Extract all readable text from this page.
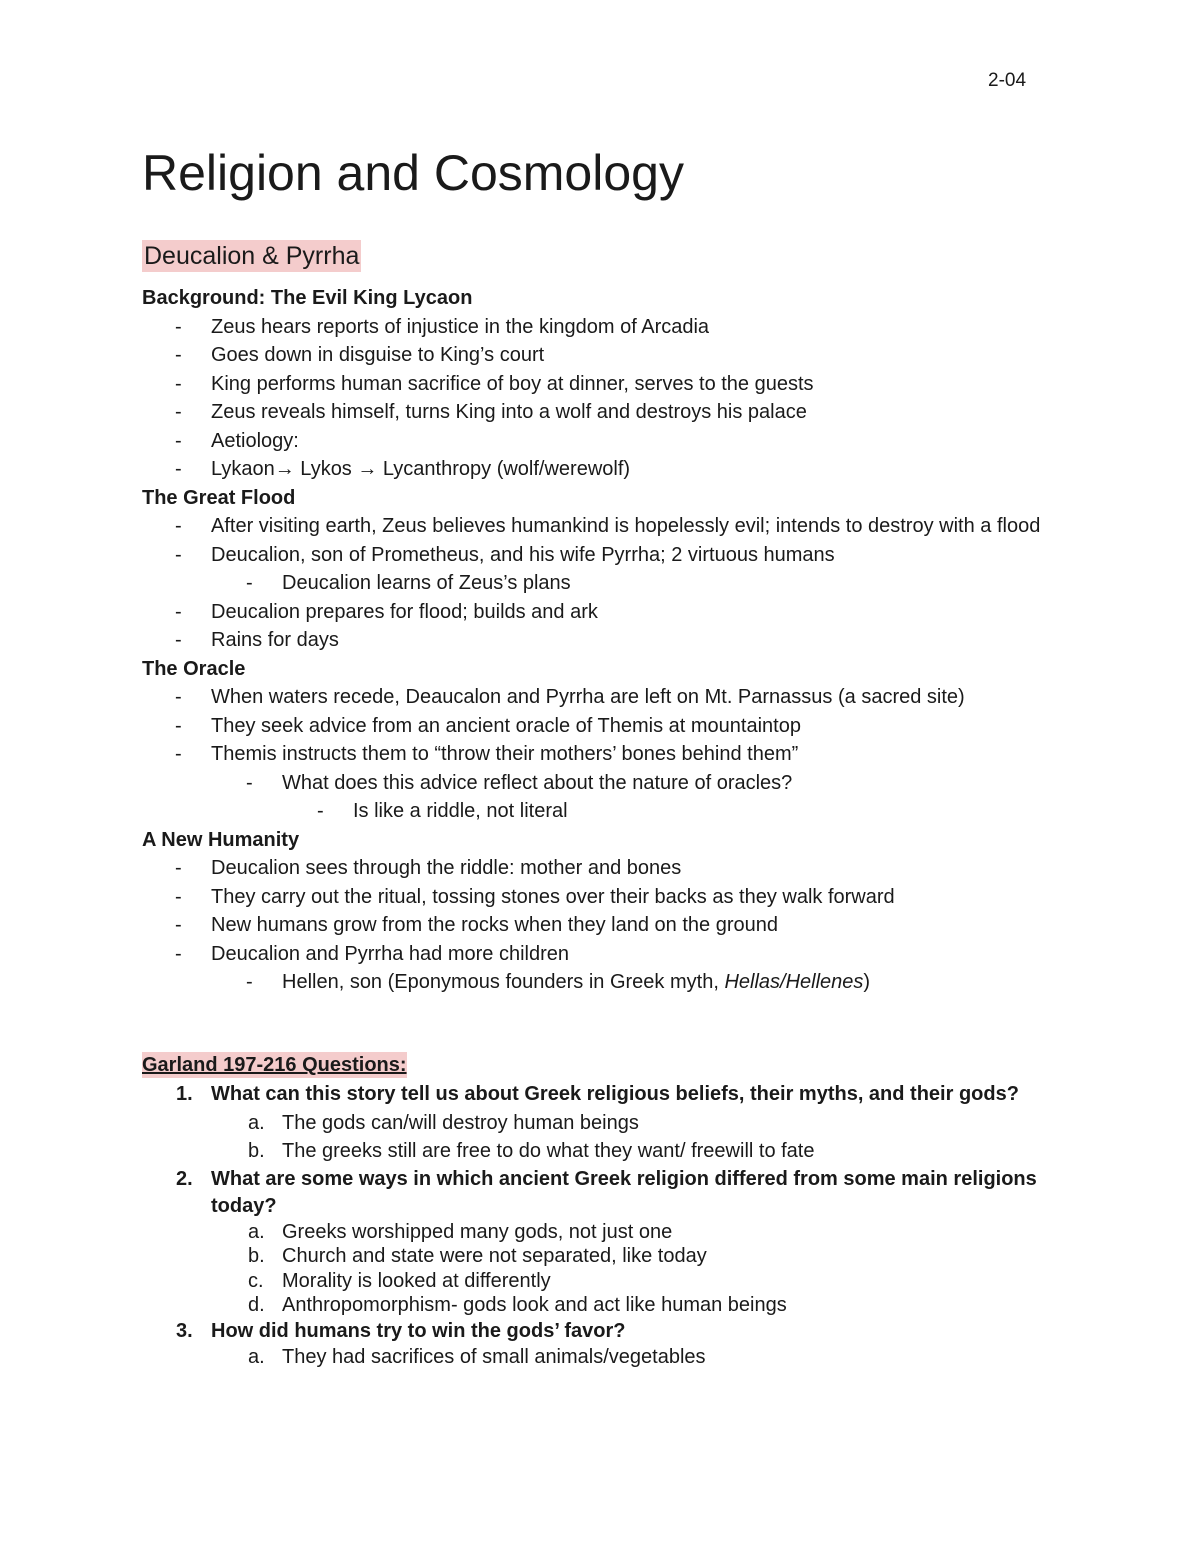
2-04
Religion and Cosmology
Deucalion & Pyrrha
Background: The Evil King Lycaon
- Zeus hears reports of injustice in the kingdom of Arcadia
- Goes down in disguise to King’s court
- King performs human sacrifice of boy at dinner, serves to the guests
- Zeus reveals himself, turns King into a wolf and destroys his palace
- Aetiology:
- Lykaon→ Lykos → Lycanthropy (wolf/werewolf)
The Great Flood
- After visiting earth, Zeus believes humankind is hopelessly evil; intends to destroy with a flood
- Deucalion, son of Prometheus, and his wife Pyrrha; 2 virtuous humans
- Deucalion learns of Zeus’s plans
- Deucalion prepares for flood; builds and ark
- Rains for days
The Oracle
- When waters recede, Deaucalon and Pyrrha are left on Mt. Parnassus (a sacred site)
- They seek advice from an ancient oracle of Themis at mountaintop
- Themis instructs them to “throw their mothers’ bones behind them”
- What does this advice reflect about the nature of oracles?
- Is like a riddle, not literal
A New Humanity
- Deucalion sees through the riddle: mother and bones
- They carry out the ritual, tossing stones over their backs as they walk forward
- New humans grow from the rocks when they land on the ground
- Deucalion and Pyrrha had more children
- Hellen, son (Eponymous founders in Greek myth, Hellas/Hellenes)
Garland 197-216 Questions:
1. What can this story tell us about Greek religious beliefs, their myths, and their gods?
a. The gods can/will destroy human beings
b. The greeks still are free to do what they want/ freewill to fate
2. What are some ways in which ancient Greek religion differed from some main religions today?
a. Greeks worshipped many gods, not just one
b. Church and state were not separated, like today
c. Morality is looked at differently
d. Anthropomorphism- gods look and act like human beings
3. How did humans try to win the gods’ favor?
a. They had sacrifices of small animals/vegetables
